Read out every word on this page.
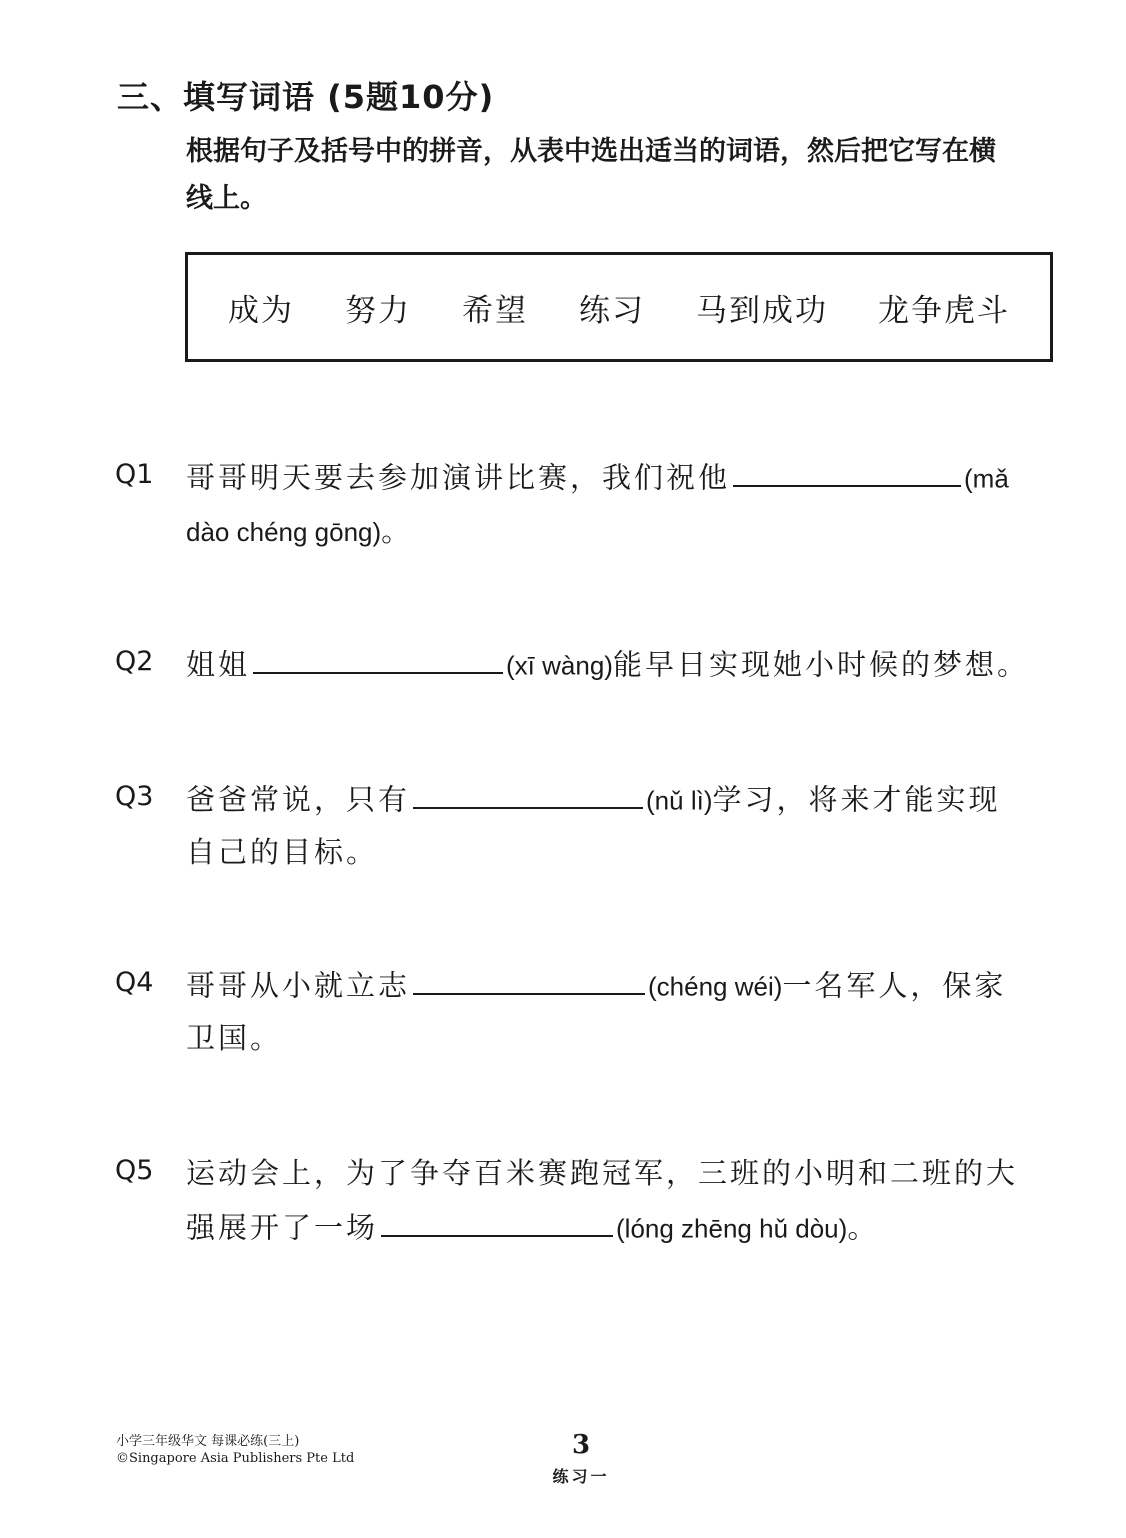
三、填写词语 (5题10分)
根据句子及括号中的拼音，从表中选出适当的词语，然后把它写在横
线上。
成为 努力 希望 练习 马到成功 龙争虎斗
Q1 哥哥明天要去参加演讲比赛，我们祝他	(mǎ
dào chéng gōng)。
Q2 姐姐	(xī wàng)能早日实现她小时候的梦想。
Q3 爸爸常说，只有	(nǔ lì)学习，将来才能实现
自己的目标。
Q4 哥哥从小就立志	(chéng wéi)一名军人，保家
卫国。
Q5 运动会上，为了争夺百米赛跑冠军，三班的小明和二班的大
强展开了一场	(lóng zhēng hǔ dòu)。
小学三年级华文 每课必练(三上)
©Singapore Asia Publishers Pte Ltd	3
练习一
